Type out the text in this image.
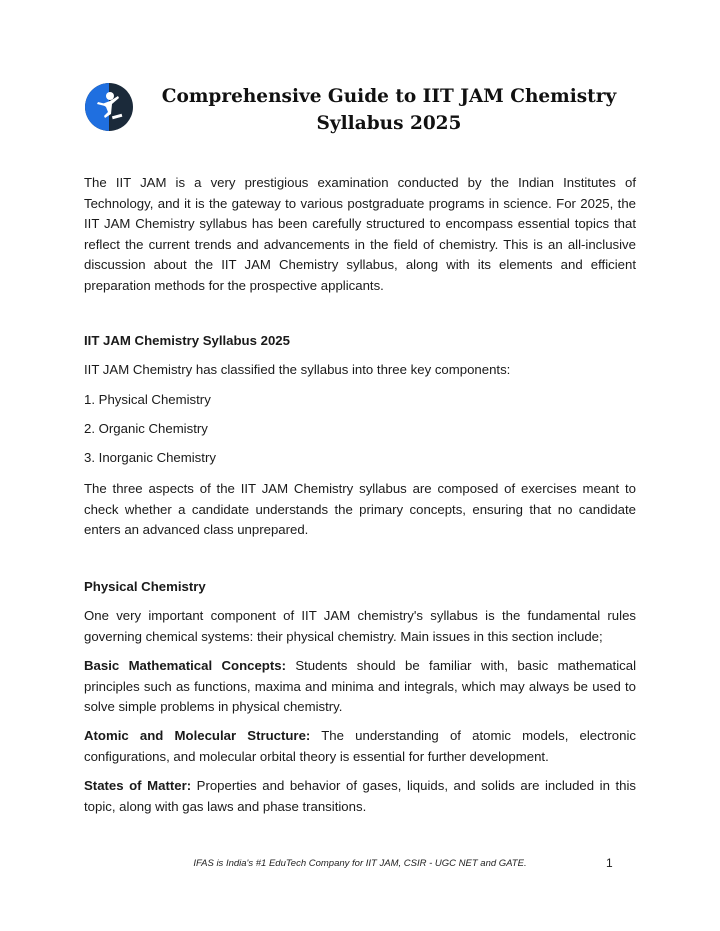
Comprehensive Guide to IIT JAM Chemistry Syllabus 2025

The IIT JAM is a very prestigious examination conducted by the Indian Institutes of Technology, and it is the gateway to various postgraduate programs in science. For 2025, the IIT JAM Chemistry syllabus has been carefully structured to encompass essential topics that reflect the current trends and advancements in the field of chemistry. This is an all-inclusive discussion about the IIT JAM Chemistry syllabus, along with its elements and efficient preparation methods for the prospective applicants.

IIT JAM Chemistry Syllabus 2025

IIT JAM Chemistry has classified the syllabus into three key components:

1. Physical Chemistry

2. Organic Chemistry

3. Inorganic Chemistry

The three aspects of the IIT JAM Chemistry syllabus are composed of exercises meant to check whether a candidate understands the primary concepts, ensuring that no candidate enters an advanced class unprepared.

Physical Chemistry

One very important component of IIT JAM chemistry's syllabus is the fundamental rules governing chemical systems: their physical chemistry. Main issues in this section include;

Basic Mathematical Concepts: Students should be familiar with, basic mathematical principles such as functions, maxima and minima and integrals, which may always be used to solve simple problems in physical chemistry.

Atomic and Molecular Structure: The understanding of atomic models, electronic configurations, and molecular orbital theory is essential for further development.

States of Matter: Properties and behavior of gases, liquids, and solids are included in this topic, along with gas laws and phase transitions.

IFAS is India's #1 EduTech Company for IIT JAM, CSIR - UGC NET and GATE.	1
